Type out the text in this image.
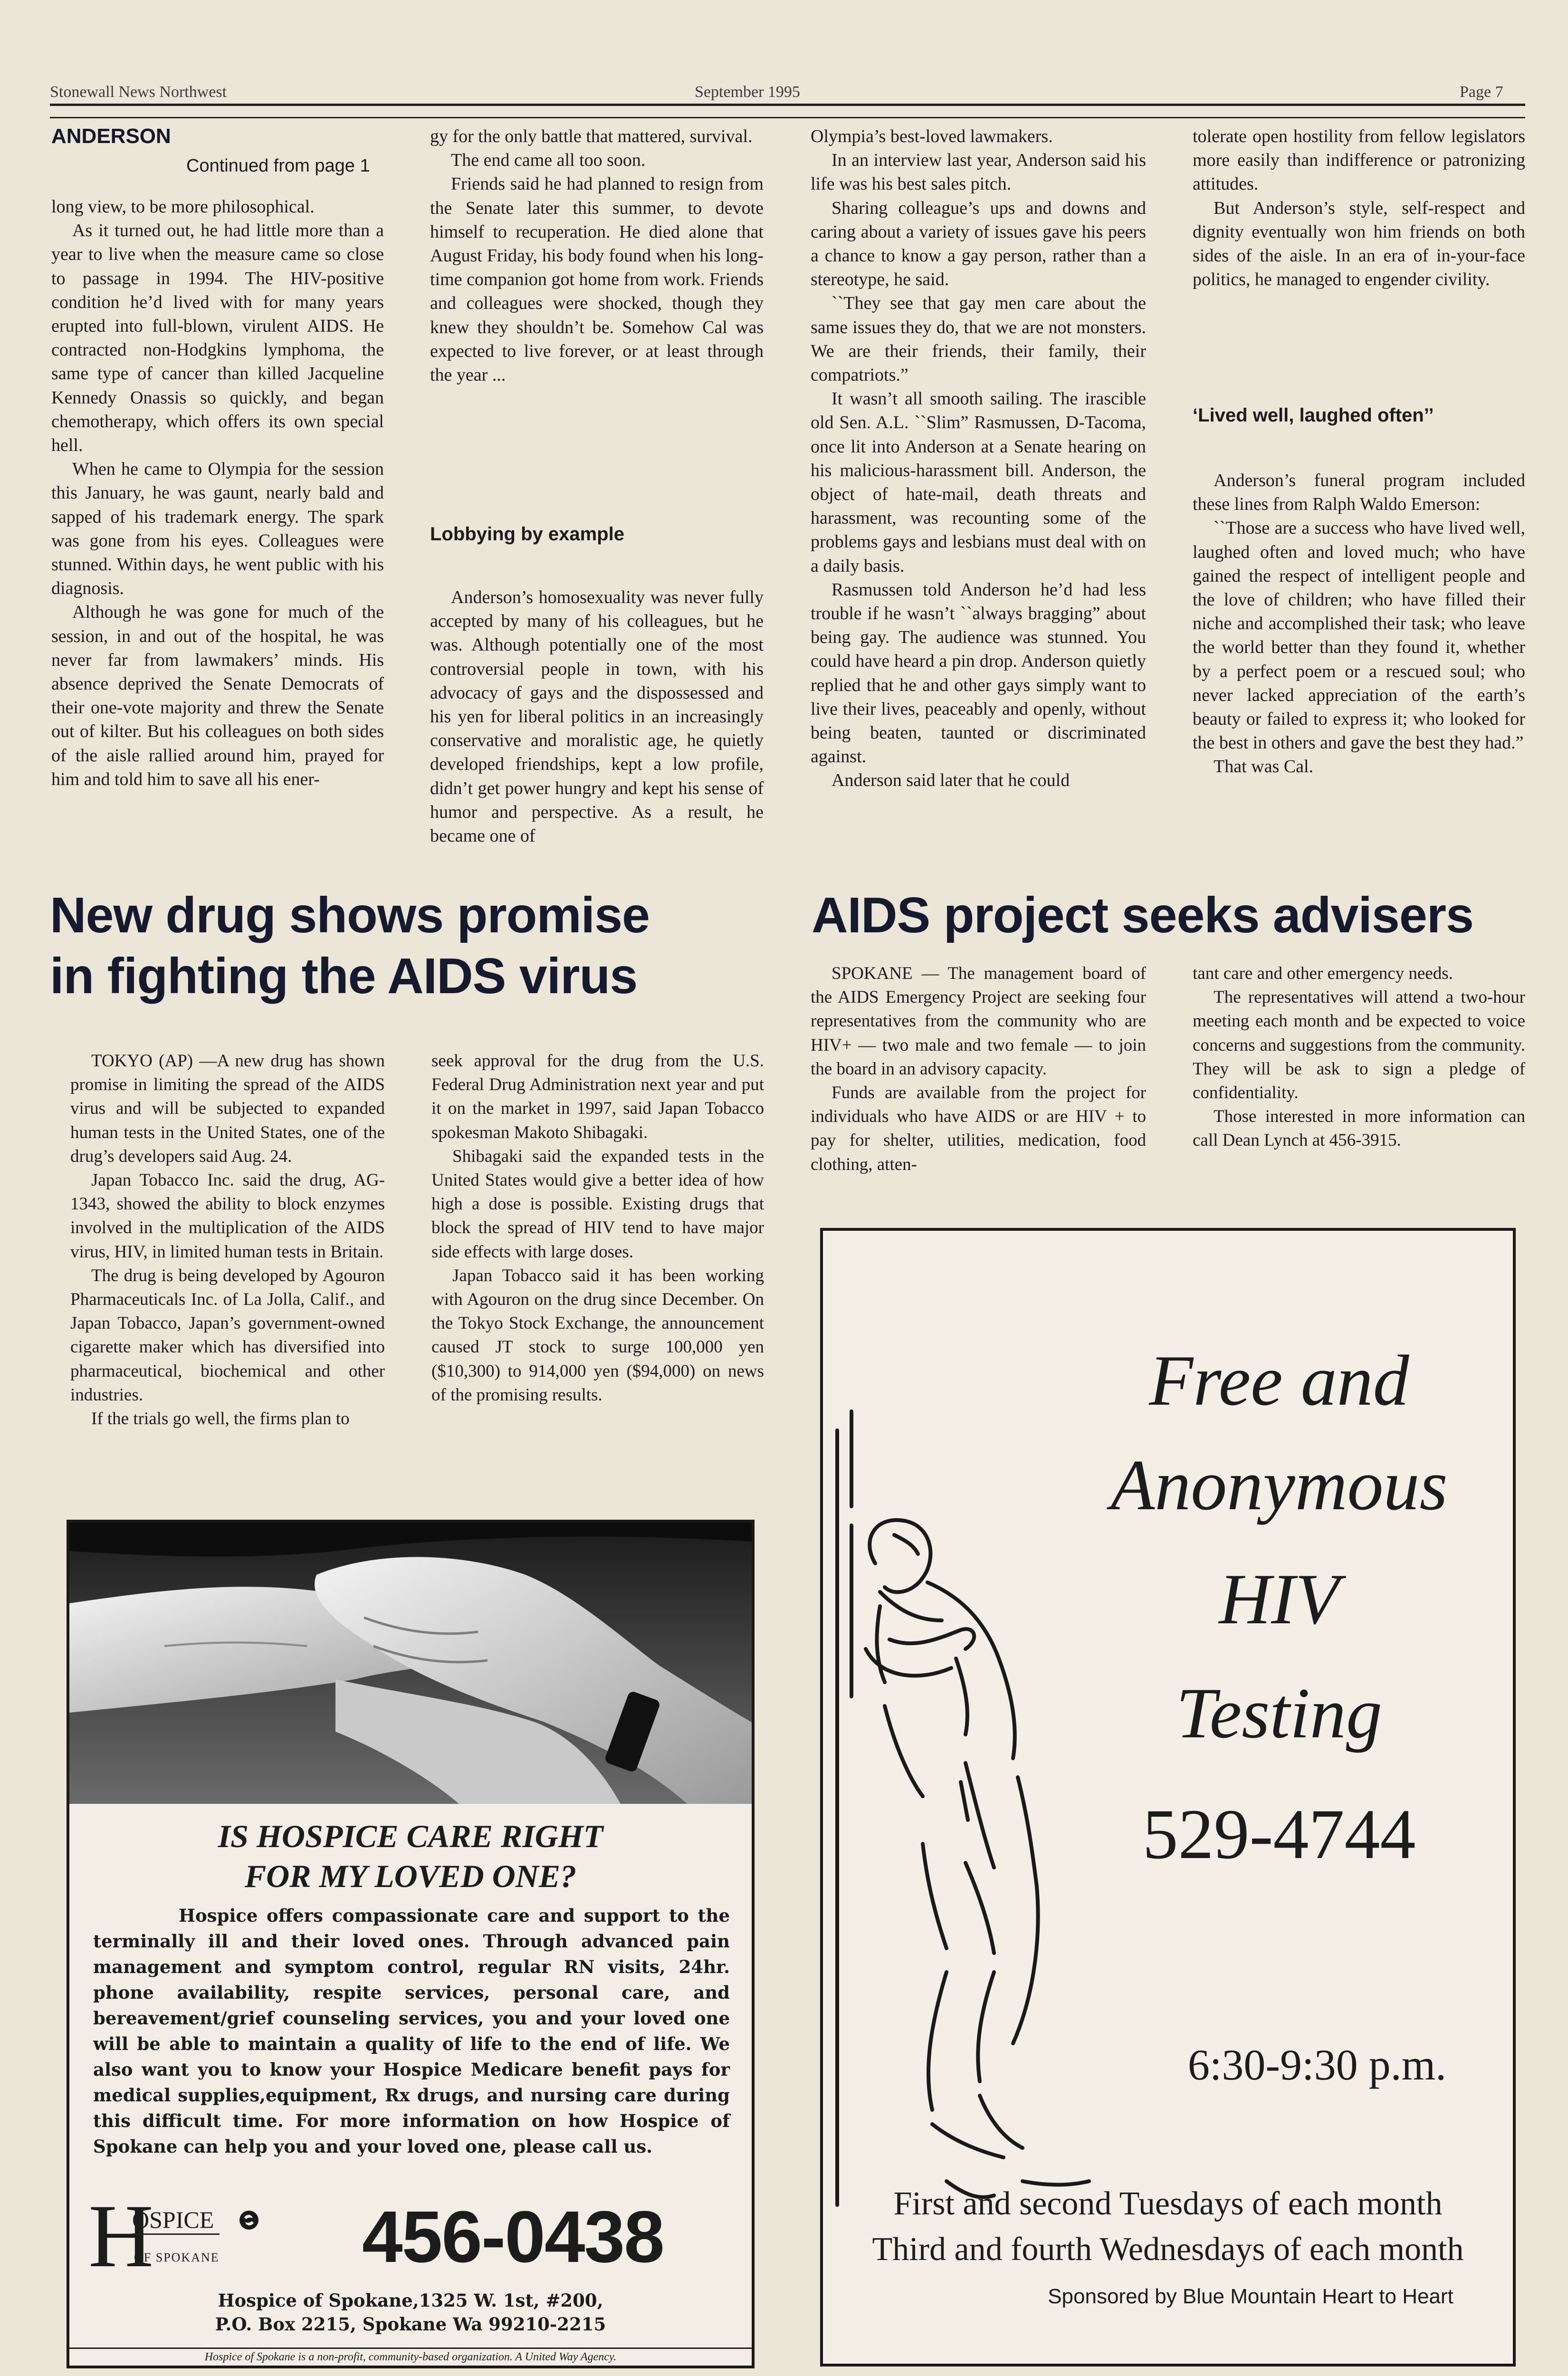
Stonewall News Northwest	September 1995	Page 7
ANDERSON
Continued from page 1

long view, to be more philosophical.

As it turned out, he had little more than a year to live when the measure came so close to passage in 1994. The HIV-positive condition he’d lived with for many years erupted into full-blown, virulent AIDS. He contracted non-Hodgkins lymphoma, the same type of cancer than killed Jacqueline Kennedy Onassis so quickly, and began chemotherapy, which offers its own special hell.

When he came to Olympia for the session this January, he was gaunt, nearly bald and sapped of his trademark energy. The spark was gone from his eyes. Colleagues were stunned. Within days, he went public with his diagnosis.

Although he was gone for much of the session, in and out of the hospital, he was never far from lawmakers’ minds. His absence deprived the Senate Democrats of their one-vote majority and threw the Senate out of kilter. But his colleagues on both sides of the aisle rallied around him, prayed for him and told him to save all his ener-

gy for the only battle that mattered, survival.

The end came all too soon.

Friends said he had planned to resign from the Senate later this summer, to devote himself to recuperation. He died alone that August Friday, his body found when his long-time companion got home from work. Friends and colleagues were shocked, though they knew they shouldn’t be. Somehow Cal was expected to live forever, or at least through the year ...

Lobbying by example

Anderson’s homosexuality was never fully accepted by many of his colleagues, but he was. Although potentially one of the most controversial people in town, with his advocacy of gays and the dispossessed and his yen for liberal politics in an increasingly conservative and moralistic age, he quietly developed friendships, kept a low profile, didn’t get power hungry and kept his sense of humor and perspective. As a result, he became one of

Olympia’s best-loved lawmakers.

In an interview last year, Anderson said his life was his best sales pitch.

Sharing colleague’s ups and downs and caring about a variety of issues gave his peers a chance to know a gay person, rather than a stereotype, he said.

``They see that gay men care about the same issues they do, that we are not monsters. We are their friends, their family, their compatriots.”

It wasn’t all smooth sailing. The irascible old Sen. A.L. ``Slim” Rasmussen, D-Tacoma, once lit into Anderson at a Senate hearing on his malicious-harassment bill. Anderson, the object of hate-mail, death threats and harassment, was recounting some of the problems gays and lesbians must deal with on a daily basis.

Rasmussen told Anderson he’d had less trouble if he wasn’t ``always bragging” about being gay. The audience was stunned. You could have heard a pin drop. Anderson quietly replied that he and other gays simply want to live their lives, peaceably and openly, without being beaten, taunted or discriminated against.

Anderson said later that he could

tolerate open hostility from fellow legislators more easily than indifference or patronizing attitudes.

But Anderson’s style, self-respect and dignity eventually won him friends on both sides of the aisle. In an era of in-your-face politics, he managed to engender civility.

‘Lived well, laughed often’’

Anderson’s funeral program included these lines from Ralph Waldo Emerson:

``Those are a success who have lived well, laughed often and loved much; who have gained the respect of intelligent people and the love of children; who have filled their niche and accomplished their task; who leave the world better than they found it, whether by a perfect poem or a rescued soul; who never lacked appreciation of the earth’s beauty or failed to express it; who looked for the best in others and gave the best they had.”

That was Cal.

New drug shows promise
in fighting the AIDS virus

TOKYO (AP) —A new drug has shown promise in limiting the spread of the AIDS virus and will be subjected to expanded human tests in the United States, one of the drug’s developers said Aug. 24.

Japan Tobacco Inc. said the drug, AG-1343, showed the ability to block enzymes involved in the multiplication of the AIDS virus, HIV, in limited human tests in Britain.

The drug is being developed by Agouron Pharmaceuticals Inc. of La Jolla, Calif., and Japan Tobacco, Japan’s government-owned cigarette maker which has diversified into pharmaceutical, biochemical and other industries.

If the trials go well, the firms plan to

seek approval for the drug from the U.S. Federal Drug Administration next year and put it on the market in 1997, said Japan Tobacco spokesman Makoto Shibagaki.

Shibagaki said the expanded tests in the United States would give a better idea of how high a dose is possible. Existing drugs that block the spread of HIV tend to have major side effects with large doses.

Japan Tobacco said it has been working with Agouron on the drug since December. On the Tokyo Stock Exchange, the announcement caused JT stock to surge 100,000 yen ($10,300) to 914,000 yen ($94,000) on news of the promising results.

AIDS project seeks advisers

SPOKANE — The management board of the AIDS Emergency Project are seeking four representatives from the community who are HIV+ — two male and two female — to join the board in an advisory capacity.

Funds are available from the project for individuals who have AIDS or are HIV + to pay for shelter, utilities, medication, food clothing, atten-

tant care and other emergency needs.

The representatives will attend a two-hour meeting each month and be expected to voice concerns and suggestions from the community. They will be ask to sign a pledge of confidentiality.

Those interested in more information can call Dean Lynch at 456-3915.

IS HOSPICE CARE RIGHT
FOR MY LOVED ONE?
Hospice offers compassionate care and support to the terminally ill and their loved ones. Through advanced pain management and symptom control, regular RN visits, 24hr. phone availability, respite services, personal care, and bereavement/grief counseling services, you and your loved one will be able to maintain a quality of life to the end of life. We also want you to know your Hospice Medicare benefit pays for medical supplies,equipment, Rx drugs, and nursing care during this difficult time. For more information on how Hospice of Spokane can help you and your loved one, please call us.
H
OSPICE
OF SPOKANE 456-0438
Hospice of Spokane,1325 W. 1st, #200,
P.O. Box 2215, Spokane Wa 99210-2215
Hospice of Spokane is a non-profit, community-based organization. A United Way Agency.
Free and
Anonymous
HIV
Testing
529-4744
6:30-9:30 p.m.
First and second Tuesdays of each month
Third and fourth Wednesdays of each month
Sponsored by Blue Mountain Heart to Heart
